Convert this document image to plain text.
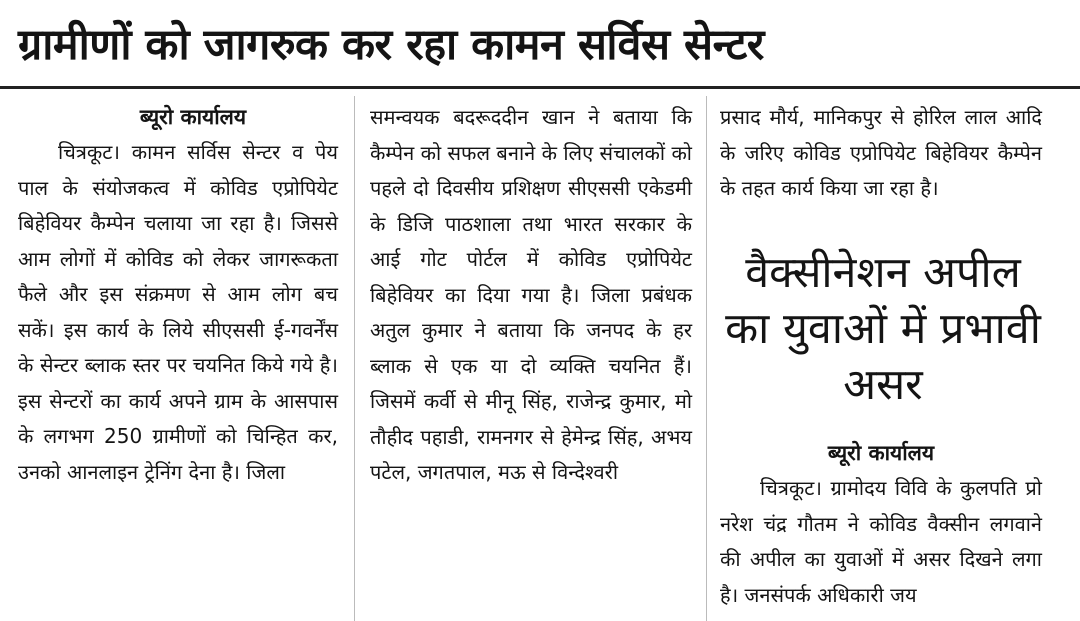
ग्रामीणों को जागरुक कर रहा कामन सर्विस सेन्टर
ब्यूरो कार्यालय

चित्रकूट। कामन सर्विस सेन्टर व पेय पाल के संयोजकत्व में कोविड एप्रोपियेट बिहेवियर कैम्पेन चलाया जा रहा है। जिससे आम लोगों में कोविड को लेकर जागरूकता फैले और इस संक्रमण से आम लोग बच सकें। इस कार्य के लिये सीएससी ई-गवर्नेंस के सेन्टर ब्लाक स्तर पर चयनित किये गये है। इस सेन्टरों का कार्य अपने ग्राम के आसपास के लगभग 250 ग्रामीणों को चिन्हित कर, उनको आनलाइन ट्रेनिंग देना है। जिला

समन्वयक बदरूददीन खान ने बताया कि कैम्पेन को सफल बनाने के लिए संचालकों को पहले दो दिवसीय प्रशिक्षण सीएससी एकेडमी के डिजि पाठशाला तथा भारत सरकार के आई गोट पोर्टल में कोविड एप्रोपियेट बिहेवियर का दिया गया है। जिला प्रबंधक अतुल कुमार ने बताया कि जनपद के हर ब्लाक से एक या दो व्यक्ति चयनित हैं। जिसमें कर्वी से मीनू सिंह, राजेन्द्र कुमार, मो तौहीद पहाडी, रामनगर से हेमेन्द्र सिंह, अभय पटेल, जगतपाल, मऊ से विन्देश्वरी

प्रसाद मौर्य, मानिकपुर से होरिल लाल आदि के जरिए कोविड एप्रोपियेट बिहेवियर कैम्पेन के तहत कार्य किया जा रहा है।

वैक्सीनेशन अपील का युवाओं में प्रभावी असर
ब्यूरो कार्यालय

चित्रकूट। ग्रामोदय विवि के कुलपति प्रो नरेश चंद्र गौतम ने कोविड वैक्सीन लगवाने की अपील का युवाओं में असर दिखने लगा है। जनसंपर्क अधिकारी जय
